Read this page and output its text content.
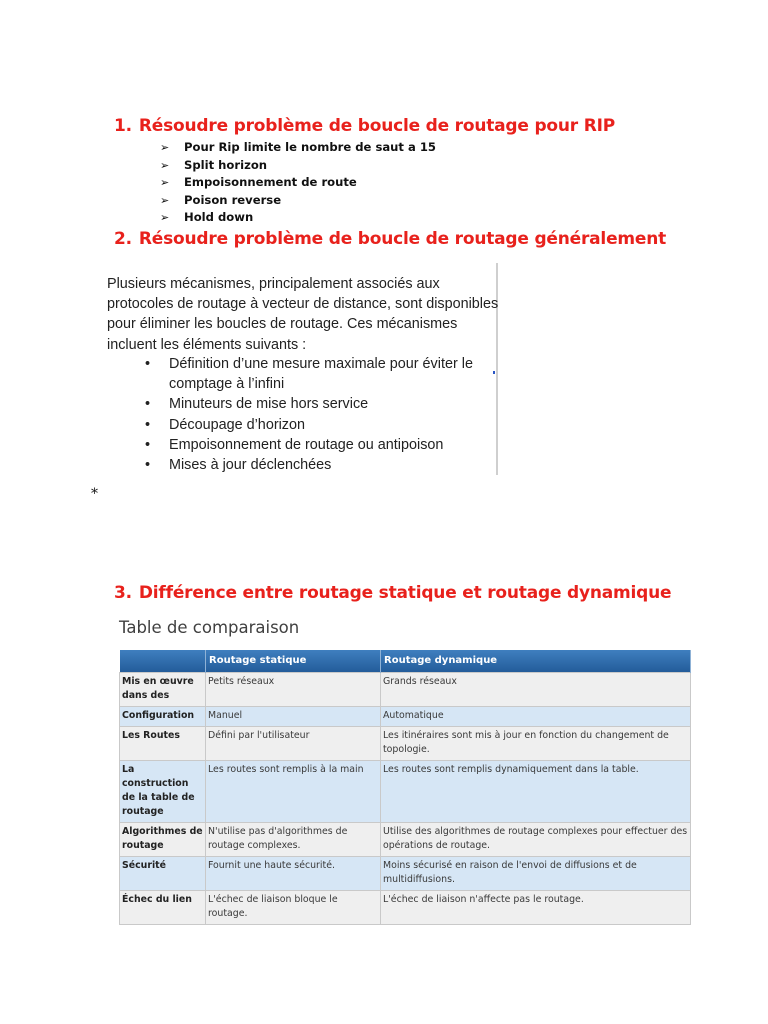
1. Résoudre problème de boucle de routage pour RIP
➢ Pour Rip limite le nombre de saut a 15
➢ Split horizon
➢ Empoisonnement de route
➢ Poison reverse
➢ Hold down
2. Résoudre problème de boucle de routage généralement

Plusieurs mécanismes, principalement associés aux protocoles de routage à vecteur de distance, sont disponibles pour éliminer les boucles de routage. Ces mécanismes incluent les éléments suivants :

• Définition d’une mesure maximale pour éviter le comptage à l’infini
• Minuteurs de mise hors service
• Découpage d’horizon
• Empoisonnement de routage ou antipoison
• Mises à jour déclenchées
*
3. Différence entre routage statique et routage dynamique
Table de comparaison
	Routage statique	Routage dynamique
Mis en œuvre dans des	Petits réseaux	Grands réseaux
Configuration	Manuel	Automatique
Les Routes	Défini par l'utilisateur	Les itinéraires sont mis à jour en fonction du changement de topologie.
La construction de la table de routage	Les routes sont remplis à la main	Les routes sont remplis dynamiquement dans la table.
Algorithmes de routage	N'utilise pas d'algorithmes de routage complexes.	Utilise des algorithmes de routage complexes pour effectuer des opérations de routage.
Sécurité	Fournit une haute sécurité.	Moins sécurisé en raison de l'envoi de diffusions et de multidiffusions.
Échec du lien	L'échec de liaison bloque le routage.	L'échec de liaison n'affecte pas le routage.
